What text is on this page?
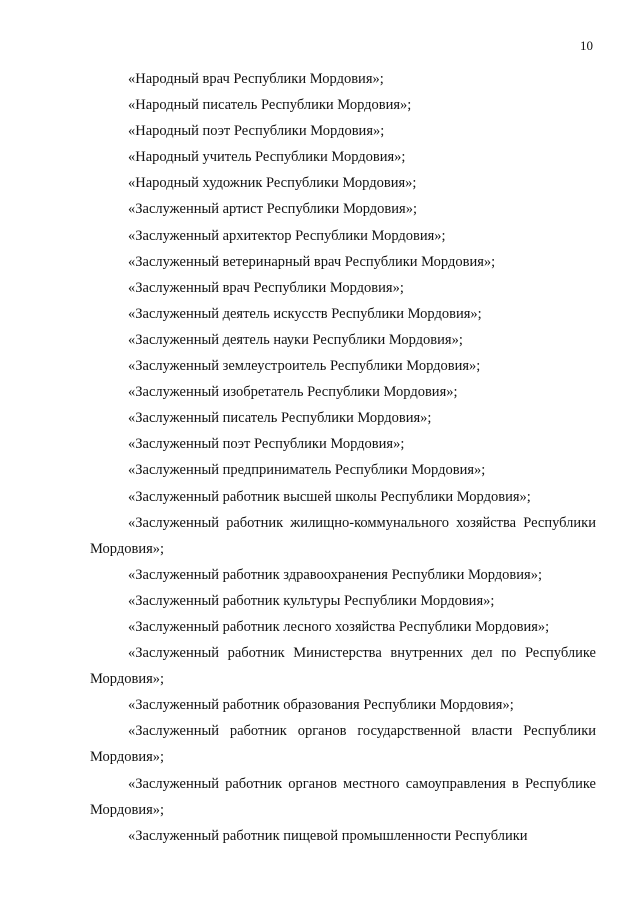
10

«Народный врач Республики Мордовия»;

«Народный писатель Республики Мордовия»;

«Народный поэт Республики Мордовия»;

«Народный учитель Республики Мордовия»;

«Народный художник Республики Мордовия»;

«Заслуженный артист Республики Мордовия»;

«Заслуженный архитектор Республики Мордовия»;

«Заслуженный ветеринарный врач Республики Мордовия»;

«Заслуженный врач Республики Мордовия»;

«Заслуженный деятель искусств Республики Мордовия»;

«Заслуженный деятель науки Республики Мордовия»;

«Заслуженный землеустроитель Республики Мордовия»;

«Заслуженный изобретатель Республики Мордовия»;

«Заслуженный писатель Республики Мордовия»;

«Заслуженный поэт Республики Мордовия»;

«Заслуженный предприниматель Республики Мордовия»;

«Заслуженный работник высшей школы Республики Мордовия»;

«Заслуженный работник жилищно-коммунального хозяйства Республики Мордовия»;

«Заслуженный работник здравоохранения Республики Мордовия»;

«Заслуженный работник культуры Республики Мордовия»;

«Заслуженный работник лесного хозяйства Республики Мордовия»;

«Заслуженный работник Министерства внутренних дел по Республике Мордовия»;

«Заслуженный работник образования Республики Мордовия»;

«Заслуженный работник органов государственной власти Республики Мордовия»;

«Заслуженный работник органов местного самоуправления в Республике Мордовия»;

«Заслуженный работник пищевой промышленности Республики
